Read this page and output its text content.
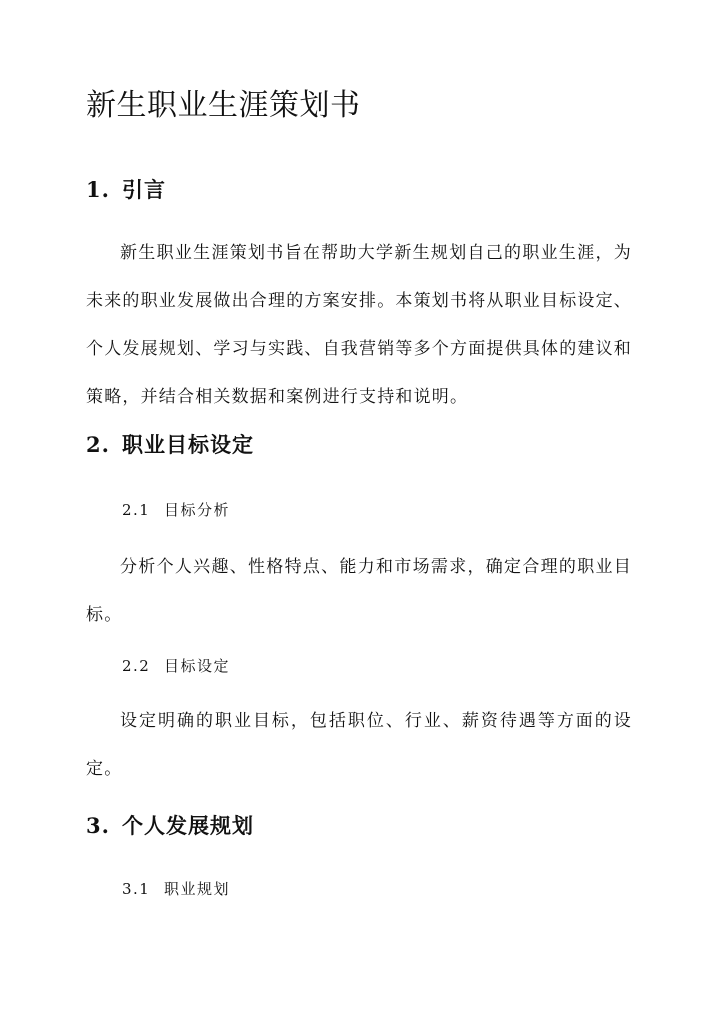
新生职业生涯策划书
1. 引言

新生职业生涯策划书旨在帮助大学新生规划自己的职业生涯，为未来的职业发展做出合理的方案安排。本策划书将从职业目标设定、个人发展规划、学习与实践、自我营销等多个方面提供具体的建议和策略，并结合相关数据和案例进行支持和说明。

2. 职业目标设定
2.1 目标分析

分析个人兴趣、性格特点、能力和市场需求，确定合理的职业目标。

2.2 目标设定

设定明确的职业目标，包括职位、行业、薪资待遇等方面的设定。

3. 个人发展规划
3.1 职业规划
